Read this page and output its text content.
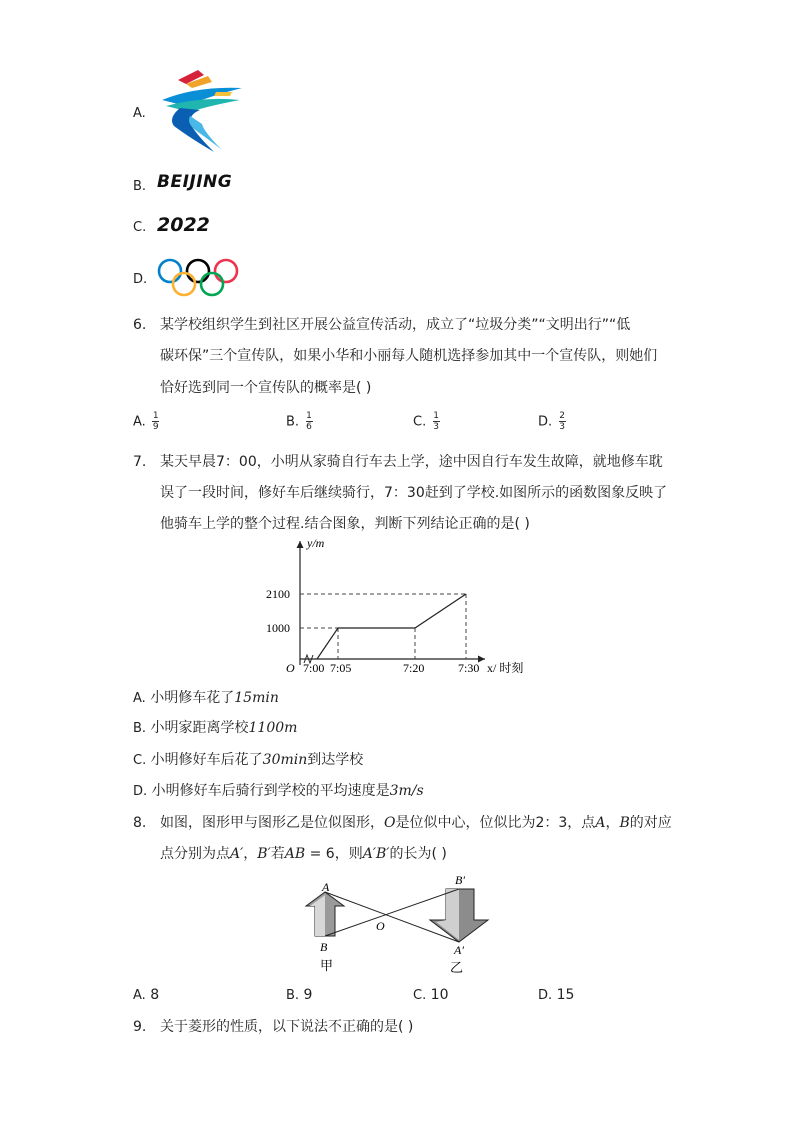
A.
B. BEIJING
C. 2022
D.
6. 某学校组织学生到社区开展公益宣传活动，成立了“垃圾分类”“文明出行”“低
碳环保”三个宣传队，如果小华和小丽每人随机选择参加其中一个宣传队，则她们
恰好选到同一个宣传队的概率是( )
A. $\frac{1}{9}$	B. $\frac{1}{6}$	C. $\frac{1}{3}$	D. $\frac{2}{3}$
7. 某天早晨7：00，小明从家骑自行车去上学，途中因自行车发生故障，就地修车耽
误了一段时间，修好车后继续骑行，7：30赶到了学校.如图所示的函数图象反映了
他骑车上学的整个过程.结合图象，判断下列结论正确的是( )
y/m
2100
1000
O 7:00 7:05	7:20	7:30 x/ 时刻
A. 小明修车花了15min
B. 小明家距离学校1100m
C. 小明修好车后花了30min到达学校
D. 小明修好车后骑行到学校的平均速度是3m/s
8. 如图，图形甲与图形乙是位似图形，O是位似中心，位似比为2：3，点A，B的对应
点分别为点A′，B′若AB = 6，则A′B′的长为( )
A
B
O
B′
A′
甲	乙
A. 8	B. 9	C. 10	D. 15
9. 关于菱形的性质，以下说法不正确的是( )
